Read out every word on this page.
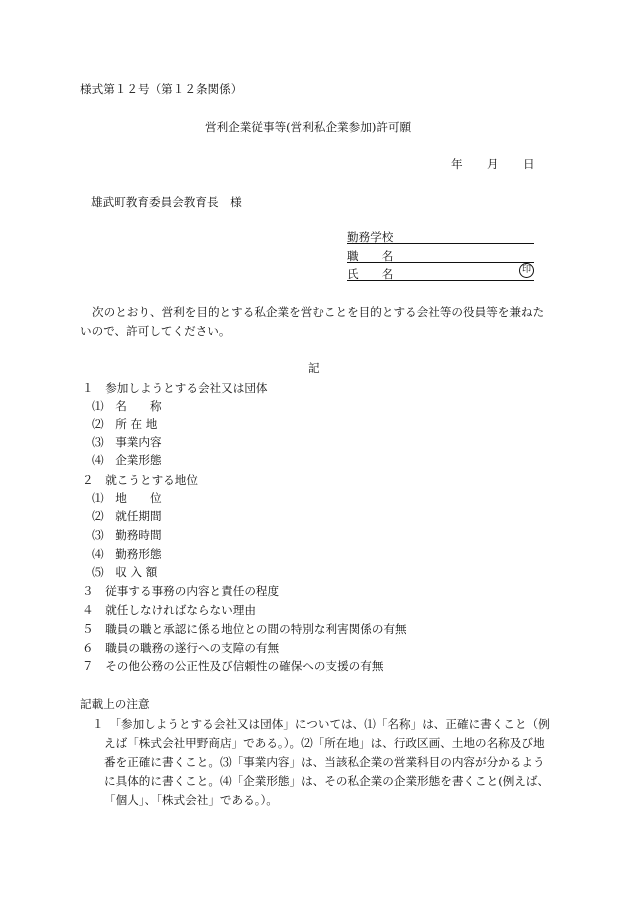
様式第１２号（第１２条関係）
営利企業従事等(営利私企業参加)許可願
年 月 日
雄武町教育委員会教育長　様
勤務学校
職　　名
氏　　名	印
次のとおり、営利を目的とする私企業を営むことを目的とする会社等の役員等を兼ねた
いので、許可してください。
記
１　参加しようとする会社又は団体
⑴　名　　称
⑵　所 在 地
⑶　事業内容
⑷　企業形態
２　就こうとする地位
⑴　地　　位
⑵　就任期間
⑶　勤務時間
⑷　勤務形態
⑸　収 入 額
３　従事する事務の内容と責任の程度
４　就任しなければならない理由
５　職員の職と承認に係る地位との間の特別な利害関係の有無
６　職員の職務の遂行への支障の有無
７　その他公務の公正性及び信頼性の確保への支援の有無
記載上の注意
１　「参加しようとする会社又は団体」については、⑴「名称」は、正確に書くこと（例
えば「株式会社甲野商店」である。）。⑵「所在地」は、行政区画、土地の名称及び地
番を正確に書くこと。⑶「事業内容」は、当該私企業の営業科目の内容が分かるよう
に具体的に書くこと。⑷「企業形態」は、その私企業の企業形態を書くこと(例えば、
「個人」、「株式会社」である。）。
